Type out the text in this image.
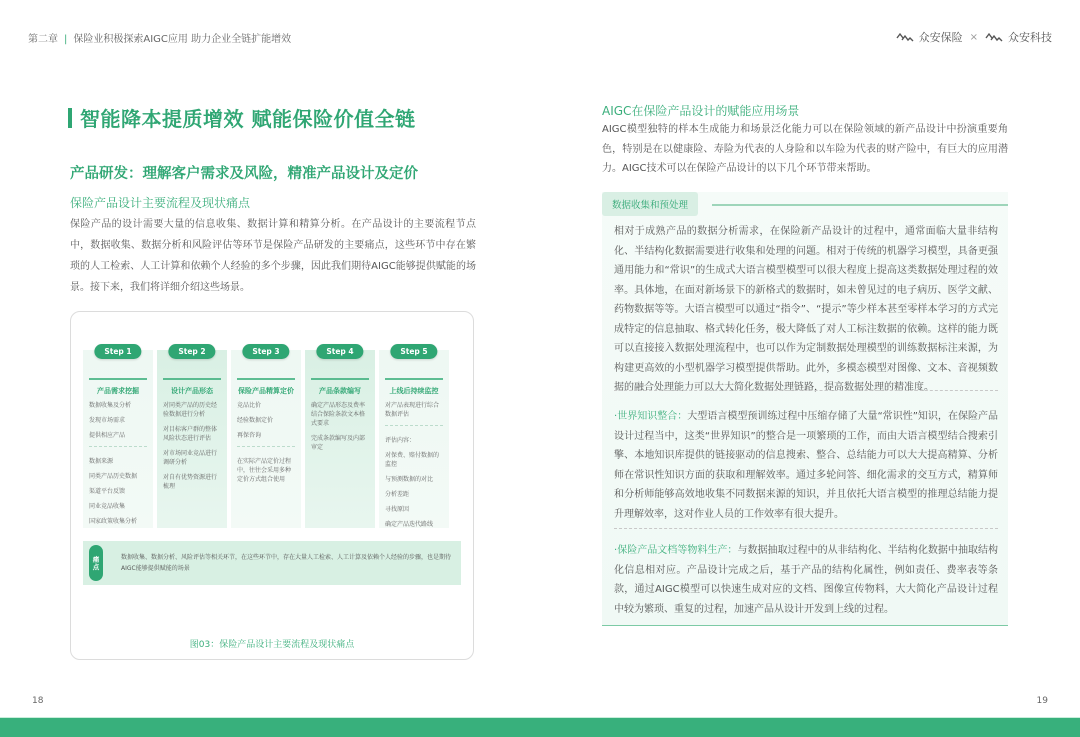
第二章 | 保险业积极探索AIGC应用 助力企业全链扩能增效	众安保险 ×	众安科技
智能降本提质增效 赋能保险价值全链
产品研发：理解客户需求及风险，精准产品设计及定价
保险产品设计主要流程及现状痛点
保险产品的设计需要大量的信息收集、数据计算和精算分析。在产品设计的主要流程节点中，数据收集、数据分析和风险评估等环节是保险产品研发的主要痛点，这些环节中存在繁琐的人工检索、人工计算和依赖个人经验的多个步骤，因此我们期待AIGC能够提供赋能的场景。接下来，我们将详细介绍这些场景。
Step 1
产品需求挖掘
数据收集及分析
发现市场需求
提供相应产品
数据来源
同类产品历史数据
渠道平台反馈
同业竞品收集
国家政策收集分析
Step 2
设计产品形态
对同类产品的历史经验数据进行分析
对目标客户群的整体风险状态进行评估
对市场同业竞品进行调研分析
对自有优势资源进行梳理
Step 3
保险产品精算定价
竞品比价
经验数据定价
再保咨询
在实际产品定价过程中，往往会采用多种定价方式组合使用
Step 4
产品条款编写
确定产品形态及费率结合保险条款文本格式要求
完成条款编写及内部审定
Step 5
上线后持续监控
对产品表现进行综合数据评估
评估内容：
对保费、赔付数据的监控
与预测数据的对比
分析差距
寻找原因
确定产品迭代路线
痛点	数据收集、数据分析、风险评估等相关环节，在这些环节中，存在大量人工检索、人工计算及依赖个人经验的步骤，也是期待AIGC能够提供赋能的场景
图03：保险产品设计主要流程及现状痛点
18
AIGC在保险产品设计的赋能应用场景
AIGC模型独特的样本生成能力和场景泛化能力可以在保险领域的新产品设计中扮演重要角色，特别是在以健康险、寿险为代表的人身险和以车险为代表的财产险中，有巨大的应用潜力。AIGC技术可以在保险产品设计的以下几个环节带来帮助。
数据收集和预处理
相对于成熟产品的数据分析需求，在保险新产品设计的过程中，通常面临大量非结构化、半结构化数据需要进行收集和处理的问题。相对于传统的机器学习模型，具备更强通用能力和“常识”的生成式大语言模型模型可以很大程度上提高这类数据处理过程的效率。具体地，在面对新场景下的新格式的数据时，如未曾见过的电子病历、医学文献、药物数据等等。大语言模型可以通过“指令”、“提示”等少样本甚至零样本学习的方式完成特定的信息抽取、格式转化任务，极大降低了对人工标注数据的依赖。这样的能力既可以直接接入数据处理流程中，也可以作为定制数据处理模型的训练数据标注来源，为构建更高效的小型机器学习模型提供帮助。此外，多模态模型对图像、文本、音视频数据的融合处理能力可以大大简化数据处理链路，提高数据处理的精准度。
·世界知识整合：大型语言模型预训练过程中压缩存储了大量“常识性”知识，在保险产品设计过程当中，这类“世界知识”的整合是一项繁琐的工作，而由大语言模型结合搜索引擎、本地知识库提供的链接驱动的信息搜索、整合、总结能力可以大大提高精算、分析师在常识性知识方面的获取和理解效率。通过多轮问答、细化需求的交互方式，精算师和分析师能够高效地收集不同数据来源的知识，并且依托大语言模型的推理总结能力提升理解效率，这对作业人员的工作效率有很大提升。
·保险产品文档等物料生产：与数据抽取过程中的从非结构化、半结构化数据中抽取结构化信息相对应。产品设计完成之后，基于产品的结构化属性，例如责任、费率表等条款，通过AIGC模型可以快速生成对应的文档、图像宣传物料，大大简化产品设计过程中较为繁琐、重复的过程，加速产品从设计开发到上线的过程。
19
